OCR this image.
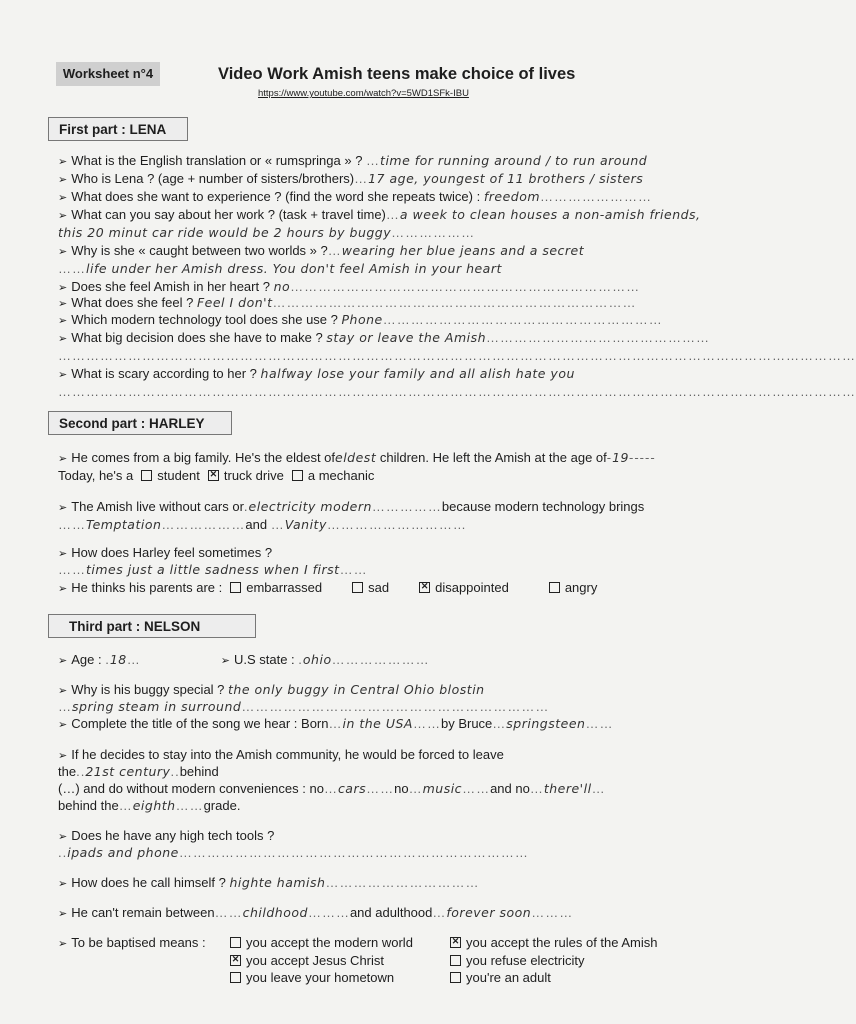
Worksheet n°4	Video Work Amish teens make choice of lives
https://www.youtube.com/watch?v=5WD1SFk-IBU
First part : LENA
➢ What is the English translation or « rumspringa » ? …time for running around / to run around
➢ Who is Lena ? (age + number of sisters/brothers)…17 age, youngest of 11 brothers / sisters
➢ What does she want to experience ? (find the word she repeats twice) : freedom……………………
➢ What can you say about her work ? (task + travel time)…a week to clean houses a non-amish friends,
this 20 minut car ride would be 2 hours by buggy………………
➢ Why is she « caught between two worlds » ?…wearing her blue jeans and a secret
……life under her Amish dress. You don't feel Amish in your heart
➢ Does she feel Amish in her heart ? no…………………………………………………………………
➢ What does she feel ? Feel I don't……………………………………………………………………
➢ Which modern technology tool does she use ? Phone……………………………………………………
➢ What big decision does she have to make ? stay or leave the Amish…………………………………………
………………………………………………………………………………………………………………………………………………………
➢ What is scary according to her ? halfway lose your family and all alish hate you
………………………………………………………………………………………………………………………………………………………
Second part : HARLEY
➢ He comes from a big family. He's the eldest ofeldest children. He left the Amish at the age of-19-----
Today, he's a student ✕ truck drive a mechanic
➢ The Amish live without cars or.electricity modern……………because modern technology brings
……Temptation………………and …Vanity…………………………
➢ How does Harley feel sometimes ?
……times just a little sadness when I first……
➢ He thinks his parents are : embarrassed	sad ✕	disappointed	angry
Third part : NELSON
➢ Age : .18…	➢ U.S state : .ohio…………………
➢ Why is his buggy special ? the only buggy in Central Ohio blostin
…spring steam in surround…………………………………………………………
➢ Complete the title of the song we hear : Born…in the USA……by Bruce…springsteen……
➢ If he decides to stay into the Amish community, he would be forced to leave
the..21st century..behind
(…) and do without modern conveniences : no…cars……no…music……and no…there'll…
behind the…eighth……grade.
➢ Does he have any high tech tools ?
..ipads and phone…………………………………………………………………
➢ How does he call himself ? highte hamish……………………………
➢ He can't remain between……childhood………and adulthood…forever soon………
➢ To be baptised means :	you accept the modern world ✕	you accept the rules of the Amish
✕you accept Jesus Christ	you refuse electricity
you leave your hometown	you're an adult
